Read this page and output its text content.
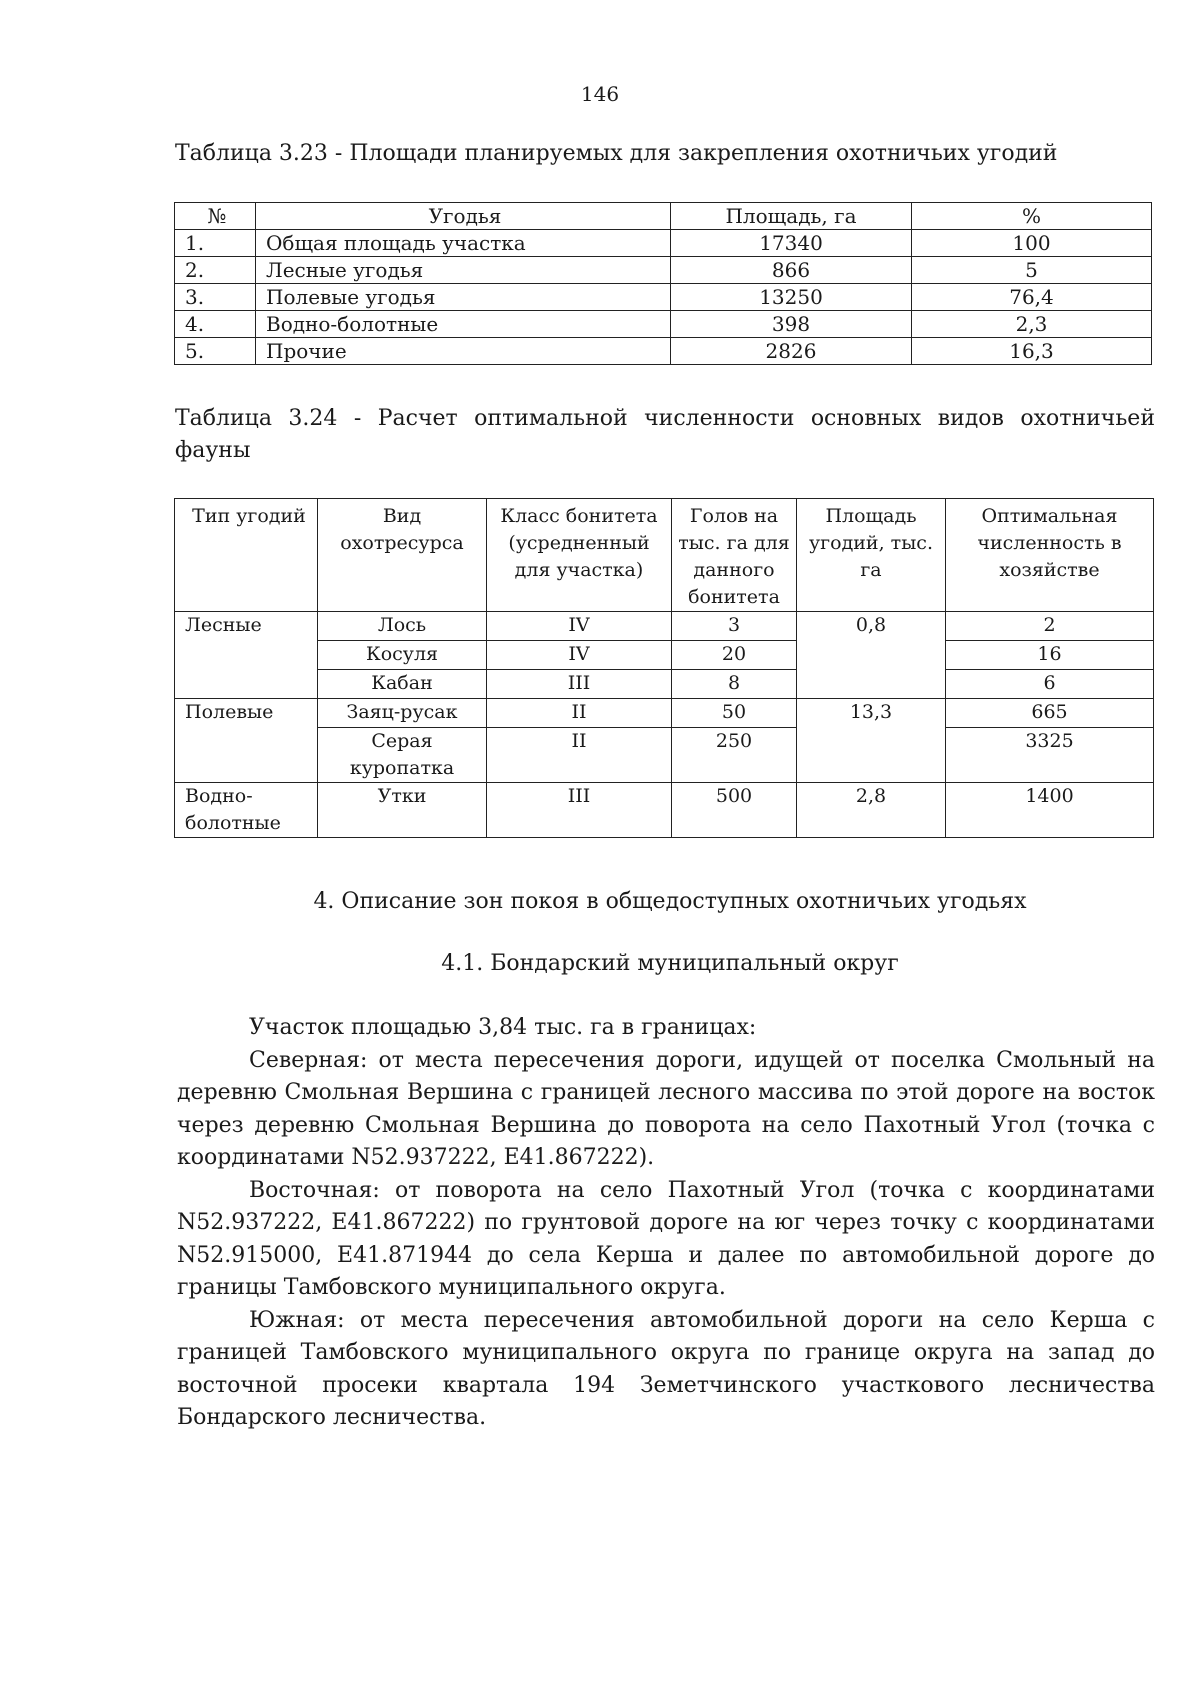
146
Таблица 3.23 - Площади планируемых для закрепления охотничьих угодий
№	Угодья	Площадь, га	%
1.	Общая площадь участка	17340	100
2.	Лесные угодья	866	5
3.	Полевые угодья	13250	76,4
4.	Водно-болотные	398	2,3
5.	Прочие	2826	16,3
Таблица 3.24 - Расчет оптимальной численности основных видов охотничьей фауны
Тип угодий	Вид охотресурса	Класс бонитета (усредненный для участка)	Голов на тыс. га для данного бонитета	Площадь угодий, тыс. га	Оптимальная численность в хозяйстве
Лесные	Лось	IV	3	0,8	2
	Косуля	IV	20		16
	Кабан	III	8		6
Полевые	Заяц-русак	II	50	13,3	665
	Серая куропатка	II	250		3325
Водно-болотные	Утки	III	500	2,8	1400
4. Описание зон покоя в общедоступных охотничьих угодьях
4.1. Бондарский муниципальный округ

Участок площадью 3,84 тыс. га в границах:

Северная: от места пересечения дороги, идущей от поселка Смольный на деревню Смольная Вершина с границей лесного массива по этой дороге на восток через деревню Смольная Вершина до поворота на село Пахотный Угол (точка с координатами N52.937222, E41.867222).

Восточная: от поворота на село Пахотный Угол (точка с координатами N52.937222, E41.867222) по грунтовой дороге на юг через точку с координатами N52.915000, E41.871944 до села Керша и далее по автомобильной дороге до границы Тамбовского муниципального округа.

Южная: от места пересечения автомобильной дороги на село Керша с границей Тамбовского муниципального округа по границе округа на запад до восточной просеки квартала 194 Земетчинского участкового лесничества Бондарского лесничества.
